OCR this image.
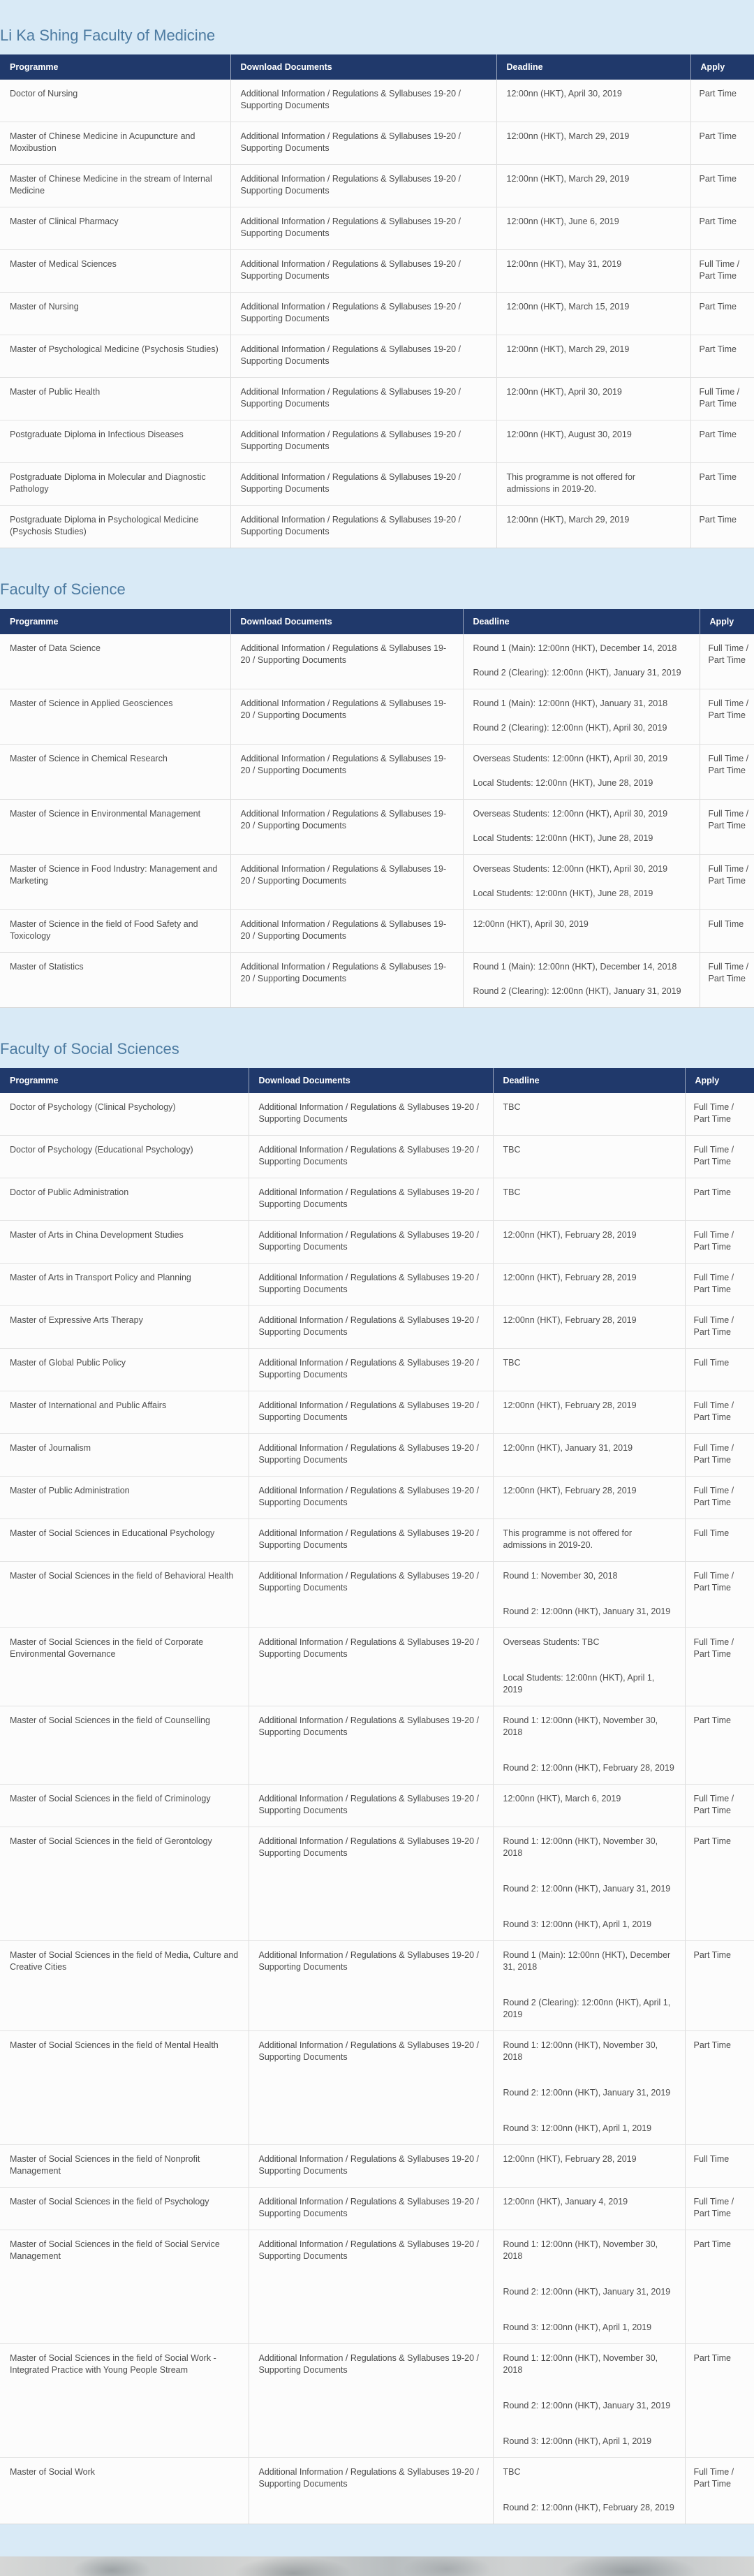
Li Ka Shing Faculty of Medicine
Programme	Download Documents	Deadline	Apply
Doctor of Nursing	Additional Information / Regulations & Syllabuses 19-20 / Supporting Documents	12:00nn (HKT), April 30, 2019	Part Time
Master of Chinese Medicine in Acupuncture and Moxibustion	Additional Information / Regulations & Syllabuses 19-20 / Supporting Documents	12:00nn (HKT), March 29, 2019	Part Time
Master of Chinese Medicine in the stream of Internal Medicine	Additional Information / Regulations & Syllabuses 19-20 / Supporting Documents	12:00nn (HKT), March 29, 2019	Part Time
Master of Clinical Pharmacy	Additional Information / Regulations & Syllabuses 19-20 / Supporting Documents	12:00nn (HKT), June 6, 2019	Part Time
Master of Medical Sciences	Additional Information / Regulations & Syllabuses 19-20 / Supporting Documents	12:00nn (HKT), May 31, 2019	Full Time / Part Time
Master of Nursing	Additional Information / Regulations & Syllabuses 19-20 / Supporting Documents	12:00nn (HKT), March 15, 2019	Part Time
Master of Psychological Medicine (Psychosis Studies)	Additional Information / Regulations & Syllabuses 19-20 / Supporting Documents	12:00nn (HKT), March 29, 2019	Part Time
Master of Public Health	Additional Information / Regulations & Syllabuses 19-20 / Supporting Documents	12:00nn (HKT), April 30, 2019	Full Time / Part Time
Postgraduate Diploma in Infectious Diseases	Additional Information / Regulations & Syllabuses 19-20 / Supporting Documents	12:00nn (HKT), August 30, 2019	Part Time
Postgraduate Diploma in Molecular and Diagnostic Pathology	Additional Information / Regulations & Syllabuses 19-20 / Supporting Documents	This programme is not offered for admissions in 2019-20.	Part Time
Postgraduate Diploma in Psychological Medicine (Psychosis Studies)	Additional Information / Regulations & Syllabuses 19-20 / Supporting Documents	12:00nn (HKT), March 29, 2019	Part Time
Faculty of Science
Programme	Download Documents	Deadline	Apply
Master of Data Science	Additional Information / Regulations & Syllabuses 19-20 / Supporting Documents	Round 1 (Main): 12:00nn (HKT), December 14, 2018
Round 2 (Clearing): 12:00nn (HKT), January 31, 2019	Full Time / Part Time
Master of Science in Applied Geosciences	Additional Information / Regulations & Syllabuses 19-20 / Supporting Documents	Round 1 (Main): 12:00nn (HKT), January 31, 2018
Round 2 (Clearing): 12:00nn (HKT), April 30, 2019	Full Time / Part Time
Master of Science in Chemical Research	Additional Information / Regulations & Syllabuses 19-20 / Supporting Documents	Overseas Students: 12:00nn (HKT), April 30, 2019
Local Students: 12:00nn (HKT), June 28, 2019	Full Time / Part Time
Master of Science in Environmental Management	Additional Information / Regulations & Syllabuses 19-20 / Supporting Documents	Overseas Students: 12:00nn (HKT), April 30, 2019
Local Students: 12:00nn (HKT), June 28, 2019	Full Time / Part Time
Master of Science in Food Industry: Management and Marketing	Additional Information / Regulations & Syllabuses 19-20 / Supporting Documents	Overseas Students: 12:00nn (HKT), April 30, 2019
Local Students: 12:00nn (HKT), June 28, 2019	Full Time / Part Time
Master of Science in the field of Food Safety and Toxicology	Additional Information / Regulations & Syllabuses 19-20 / Supporting Documents	12:00nn (HKT), April 30, 2019	Full Time
Master of Statistics	Additional Information / Regulations & Syllabuses 19-20 / Supporting Documents	Round 1 (Main): 12:00nn (HKT), December 14, 2018
Round 2 (Clearing): 12:00nn (HKT), January 31, 2019	Full Time / Part Time
Faculty of Social Sciences
Programme	Download Documents	Deadline	Apply
Doctor of Psychology (Clinical Psychology)	Additional Information / Regulations & Syllabuses 19-20 / Supporting Documents	TBC	Full Time / Part Time
Doctor of Psychology (Educational Psychology)	Additional Information / Regulations & Syllabuses 19-20 / Supporting Documents	TBC	Full Time / Part Time
Doctor of Public Administration	Additional Information / Regulations & Syllabuses 19-20 / Supporting Documents	TBC	Part Time
Master of Arts in China Development Studies	Additional Information / Regulations & Syllabuses 19-20 / Supporting Documents	12:00nn (HKT), February 28, 2019	Full Time / Part Time
Master of Arts in Transport Policy and Planning	Additional Information / Regulations & Syllabuses 19-20 / Supporting Documents	12:00nn (HKT), February 28, 2019	Full Time / Part Time
Master of Expressive Arts Therapy	Additional Information / Regulations & Syllabuses 19-20 / Supporting Documents	12:00nn (HKT), February 28, 2019	Full Time / Part Time
Master of Global Public Policy	Additional Information / Regulations & Syllabuses 19-20 / Supporting Documents	TBC	Full Time
Master of International and Public Affairs	Additional Information / Regulations & Syllabuses 19-20 / Supporting Documents	12:00nn (HKT), February 28, 2019	Full Time / Part Time
Master of Journalism	Additional Information / Regulations & Syllabuses 19-20 / Supporting Documents	12:00nn (HKT), January 31, 2019	Full Time / Part Time
Master of Public Administration	Additional Information / Regulations & Syllabuses 19-20 / Supporting Documents	12:00nn (HKT), February 28, 2019	Full Time / Part Time
Master of Social Sciences in Educational Psychology	Additional Information / Regulations & Syllabuses 19-20 / Supporting Documents	This programme is not offered for admissions in 2019-20.	Full Time
Master of Social Sciences in the field of Behavioral Health	Additional Information / Regulations & Syllabuses 19-20 / Supporting Documents	Round 1: November 30, 2018
Round 2: 12:00nn (HKT), January 31, 2019	Full Time / Part Time
Master of Social Sciences in the field of Corporate Environmental Governance	Additional Information / Regulations & Syllabuses 19-20 / Supporting Documents	Overseas Students: TBC
Local Students: 12:00nn (HKT), April 1, 2019	Full Time / Part Time
Master of Social Sciences in the field of Counselling	Additional Information / Regulations & Syllabuses 19-20 / Supporting Documents	Round 1: 12:00nn (HKT), November 30, 2018
Round 2: 12:00nn (HKT), February 28, 2019	Part Time
Master of Social Sciences in the field of Criminology	Additional Information / Regulations & Syllabuses 19-20 / Supporting Documents	12:00nn (HKT), March 6, 2019	Full Time / Part Time
Master of Social Sciences in the field of Gerontology	Additional Information / Regulations & Syllabuses 19-20 / Supporting Documents	Round 1: 12:00nn (HKT), November 30, 2018
Round 2: 12:00nn (HKT), January 31, 2019
Round 3: 12:00nn (HKT), April 1, 2019	Part Time
Master of Social Sciences in the field of Media, Culture and Creative Cities	Additional Information / Regulations & Syllabuses 19-20 / Supporting Documents	Round 1 (Main): 12:00nn (HKT), December 31, 2018
Round 2 (Clearing): 12:00nn (HKT), April 1, 2019	Part Time
Master of Social Sciences in the field of Mental Health	Additional Information / Regulations & Syllabuses 19-20 / Supporting Documents	Round 1: 12:00nn (HKT), November 30, 2018
Round 2: 12:00nn (HKT), January 31, 2019
Round 3: 12:00nn (HKT), April 1, 2019	Part Time
Master of Social Sciences in the field of Nonprofit Management	Additional Information / Regulations & Syllabuses 19-20 / Supporting Documents	12:00nn (HKT), February 28, 2019	Full Time
Master of Social Sciences in the field of Psychology	Additional Information / Regulations & Syllabuses 19-20 / Supporting Documents	12:00nn (HKT), January 4, 2019	Full Time / Part Time
Master of Social Sciences in the field of Social Service Management	Additional Information / Regulations & Syllabuses 19-20 / Supporting Documents	Round 1: 12:00nn (HKT), November 30, 2018
Round 2: 12:00nn (HKT), January 31, 2019
Round 3: 12:00nn (HKT), April 1, 2019	Part Time
Master of Social Sciences in the field of Social Work - Integrated Practice with Young People Stream	Additional Information / Regulations & Syllabuses 19-20 / Supporting Documents	Round 1: 12:00nn (HKT), November 30, 2018
Round 2: 12:00nn (HKT), January 31, 2019
Round 3: 12:00nn (HKT), April 1, 2019	Part Time
Master of Social Work	Additional Information / Regulations & Syllabuses 19-20 / Supporting Documents	TBC
Round 2: 12:00nn (HKT), February 28, 2019	Full Time / Part Time
